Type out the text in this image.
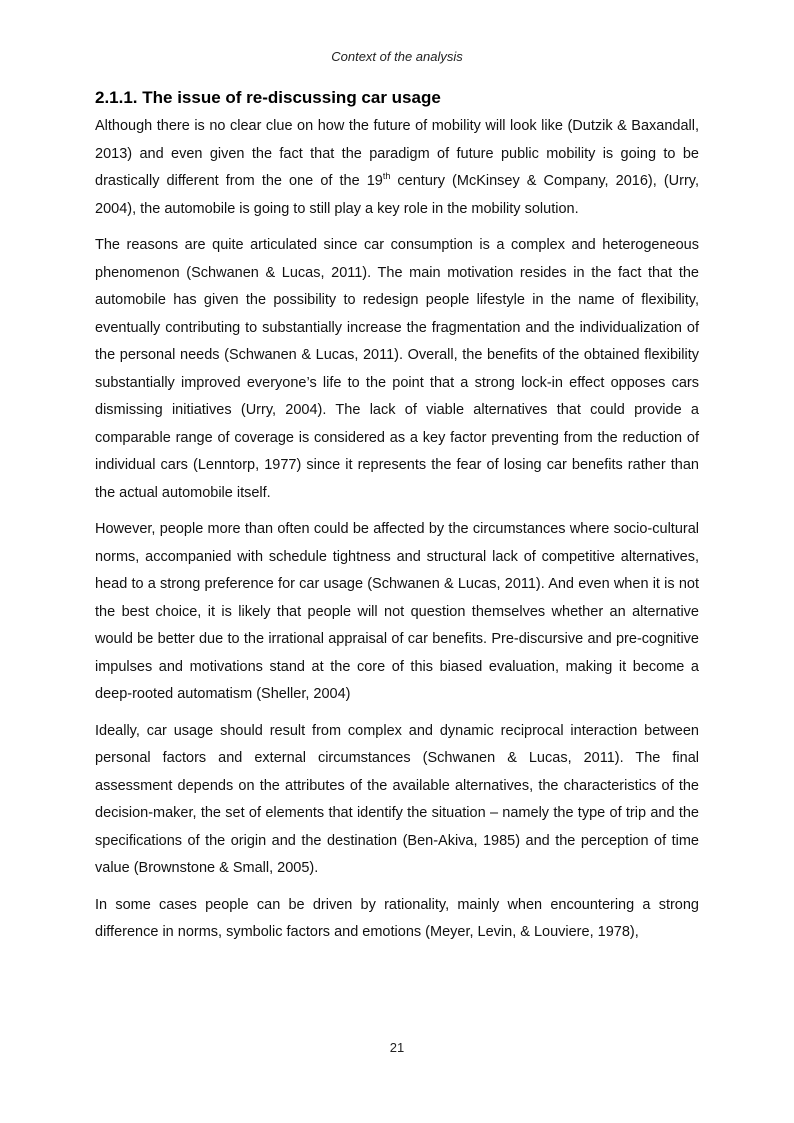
Context of the analysis
2.1.1. The issue of re-discussing car usage

Although there is no clear clue on how the future of mobility will look like (Dutzik & Baxandall, 2013) and even given the fact that the paradigm of future public mobility is going to be drastically different from the one of the 19th century (McKinsey & Company, 2016), (Urry, 2004), the automobile is going to still play a key role in the mobility solution.

The reasons are quite articulated since car consumption is a complex and heterogeneous phenomenon (Schwanen & Lucas, 2011). The main motivation resides in the fact that the automobile has given the possibility to redesign people lifestyle in the name of flexibility, eventually contributing to substantially increase the fragmentation and the individualization of the personal needs (Schwanen & Lucas, 2011). Overall, the benefits of the obtained flexibility substantially improved everyone’s life to the point that a strong lock-in effect opposes cars dismissing initiatives (Urry, 2004). The lack of viable alternatives that could provide a comparable range of coverage is considered as a key factor preventing from the reduction of individual cars (Lenntorp, 1977) since it represents the fear of losing car benefits rather than the actual automobile itself.

However, people more than often could be affected by the circumstances where socio-cultural norms, accompanied with schedule tightness and structural lack of competitive alternatives, head to a strong preference for car usage (Schwanen & Lucas, 2011). And even when it is not the best choice, it is likely that people will not question themselves whether an alternative would be better due to the irrational appraisal of car benefits. Pre-discursive and pre-cognitive impulses and motivations stand at the core of this biased evaluation, making it become a deep-rooted automatism (Sheller, 2004)

Ideally, car usage should result from complex and dynamic reciprocal interaction between personal factors and external circumstances (Schwanen & Lucas, 2011). The final assessment depends on the attributes of the available alternatives, the characteristics of the decision-maker, the set of elements that identify the situation – namely the type of trip and the specifications of the origin and the destination (Ben-Akiva, 1985) and the perception of time value (Brownstone & Small, 2005).

In some cases people can be driven by rationality, mainly when encountering a strong difference in norms, symbolic factors and emotions (Meyer, Levin, & Louviere, 1978),

21
